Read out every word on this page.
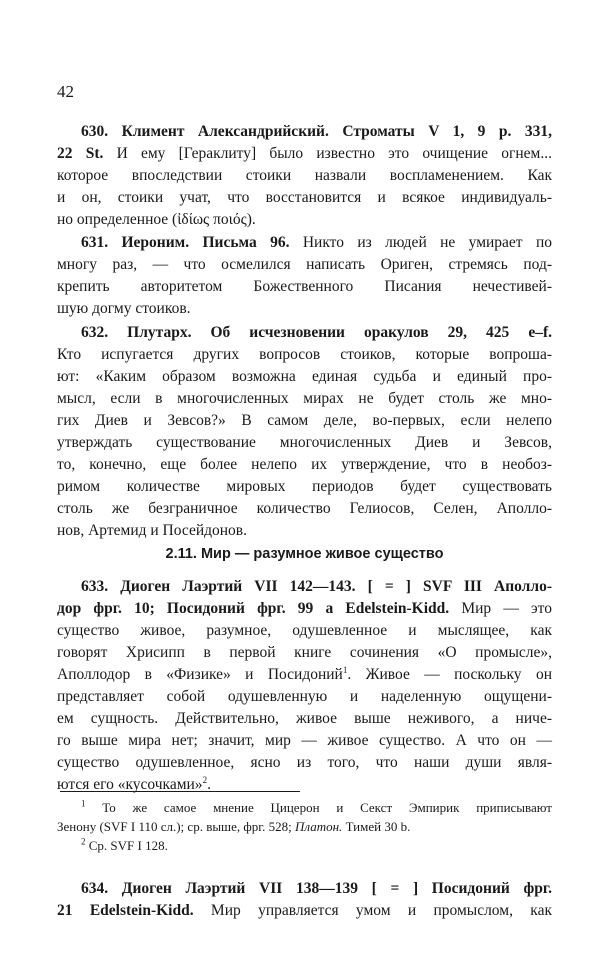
42
630. Климент Александрийский. Строматы V 1, 9 p. 331,
22 St. И ему [Гераклиту] было известно это очищение огнем...
которое впоследствии стоики назвали воспламенением. Как
и он, стоики учат, что восстановится и всякое индивидуаль-
но определенное (ἰδίως ποιός).
631. Иероним. Письма 96. Никто из людей не умирает по
многу раз, — что осмелился написать Ориген, стремясь под-
крепить авторитетом Божественного Писания нечестивей-
шую догму стоиков.
632. Плутарх. Об исчезновении оракулов 29, 425 e–f.
Кто испугается других вопросов стоиков, которые вопроша-
ют: «Каким образом возможна единая судьба и единый про-
мысл, если в многочисленных мирах не будет столь же мно-
гих Диев и Зевсов?» В самом деле, во-первых, если нелепо
утверждать существование многочисленных Диев и Зевсов,
то, конечно, еще более нелепо их утверждение, что в необоз-
римом количестве мировых периодов будет существовать
столь же безграничное количество Гелиосов, Селен, Аполло-
нов, Артемид и Посейдонов.
2.11. Мир — разумное живое существо
633. Диоген Лаэртий VII 142—143. [ = ] SVF III Аполло-
дор фрг. 10; Посидоний фрг. 99 a Edelstein-Kidd. Мир — это
существо живое, разумное, одушевленное и мыслящее, как
говорят Хрисипп в первой книге сочинения «О промысле»,
Аполлодор в «Физике» и Посидоний$^1$. Живое — поскольку он
представляет собой одушевленную и наделенную ощущени-
ем сущность. Действительно, живое выше неживого, а ниче-
го выше мира нет; значит, мир — живое существо. А что он —
существо одушевленное, ясно из того, что наши души явля-
ются его «кусочками»$^2$.
$^1$ То же самое мнение Цицерон и Секст Эмпирик приписывают
Зенону (SVF I 110 сл.); ср. выше, фрг. 528; Платон. Тимей 30 b.
$^2$ Ср. SVF I 128.
634. Диоген Лаэртий VII 138—139 [ = ] Посидоний фрг.
21 Edelstein-Kidd. Мир управляется умом и промыслом, как
